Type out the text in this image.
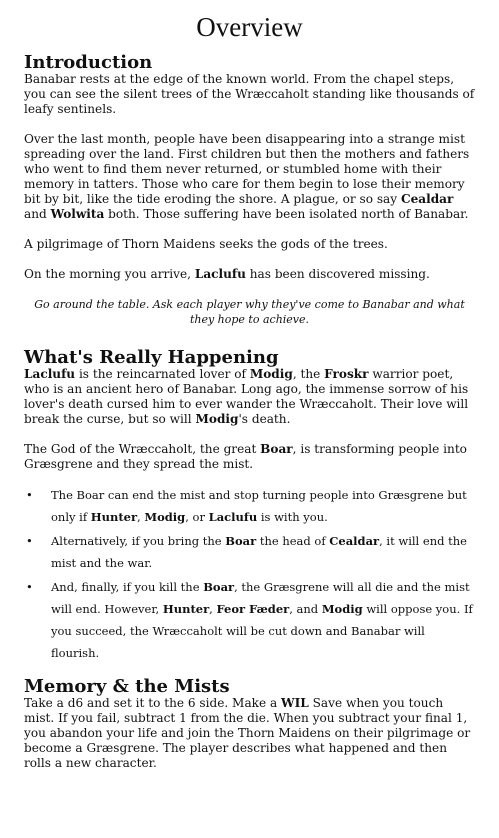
Overview
Introduction

Banabar rests at the edge of the known world. From the chapel steps, you can see the silent trees of the Wræccaholt standing like thousands of leafy sentinels.

Over the last month, people have been disappearing into a strange mist spreading over the land. First children but then the mothers and fathers who went to find them never returned, or stumbled home with their memory in tatters. Those who care for them begin to lose their memory bit by bit, like the tide eroding the shore. A plague, or so say Cealdar and Wolwita both. Those suffering have been isolated north of Banabar.

A pilgrimage of Thorn Maidens seeks the gods of the trees.

On the morning you arrive, Laclufu has been discovered missing.

Go around the table. Ask each player why they've come to Banabar and what they hope to achieve.
What's Really Happening

Laclufu is the reincarnated lover of Modig, the Froskr warrior poet, who is an ancient hero of Banabar. Long ago, the immense sorrow of his lover's death cursed him to ever wander the Wræccaholt. Their love will break the curse, but so will Modig's death.

The God of the Wræccaholt, the great Boar, is transforming people into Græsgrene and they spread the mist.

• The Boar can end the mist and stop turning people into Græsgrene but only if Hunter, Modig, or Laclufu is with you.
• Alternatively, if you bring the Boar the head of Cealdar, it will end the mist and the war.
• And, finally, if you kill the Boar, the Græsgrene will all die and the mist will end. However, Hunter, Feor Fæder, and Modig will oppose you. If you succeed, the Wræccaholt will be cut down and Banabar will flourish.
Memory & the Mists

Take a d6 and set it to the 6 side. Make a WIL Save when you touch mist. If you fail, subtract 1 from the die. When you subtract your final 1, you abandon your life and join the Thorn Maidens on their pilgrimage or become a Græsgrene. The player describes what happened and then rolls a new character.
